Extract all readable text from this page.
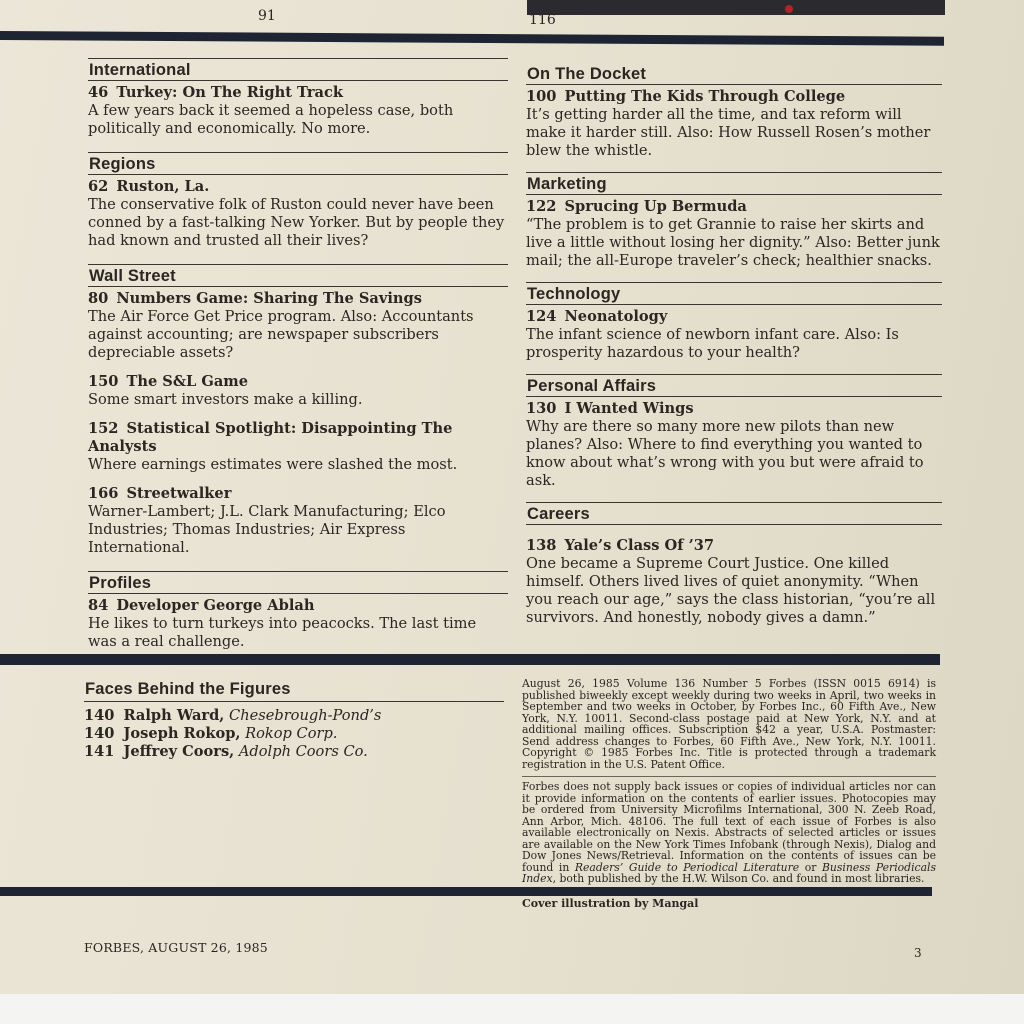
91	116
International
46 Turkey: On The Right Track
A few years back it seemed a hopeless case, both politically and economically. No more.
Regions
62 Ruston, La.
The conservative folk of Ruston could never have been conned by a fast-talking New Yorker. But by people they had known and trusted all their lives?
Wall Street
80 Numbers Game: Sharing The Savings
The Air Force Get Price program. Also: Accountants against accounting; are newspaper subscribers depreciable assets?
150 The S&L Game
Some smart investors make a killing.
152 Statistical Spotlight: Disappointing The Analysts
Where earnings estimates were slashed the most.
166 Streetwalker
Warner-Lambert; J.L. Clark Manufacturing; Elco Industries; Thomas Industries; Air Express International.
Profiles
84 Developer George Ablah
He likes to turn turkeys into peacocks. The last time was a real challenge.
On The Docket
100 Putting The Kids Through College
It’s getting harder all the time, and tax reform will make it harder still. Also: How Russell Rosen’s mother blew the whistle.
Marketing
122 Sprucing Up Bermuda
“The problem is to get Grannie to raise her skirts and live a little without losing her dignity.” Also: Better junk mail; the all-Europe traveler’s check; healthier snacks.
Technology
124 Neonatology
The infant science of newborn infant care. Also: Is prosperity hazardous to your health?
Personal Affairs
130 I Wanted Wings
Why are there so many more new pilots than new planes? Also: Where to find everything you wanted to know about what’s wrong with you but were afraid to ask.
Careers
138 Yale’s Class Of ’37
One became a Supreme Court Justice. One killed himself. Others lived lives of quiet anonymity. “When you reach our age,” says the class historian, “you’re all survivors. And honestly, nobody gives a damn.”
Faces Behind the Figures
140 Ralph Ward, Chesebrough-Pond’s
140 Joseph Rokop, Rokop Corp.
141 Jeffrey Coors, Adolph Coors Co.
August 26, 1985 Volume 136 Number 5 Forbes (ISSN 0015 6914) is published biweekly except weekly during two weeks in April, two weeks in September and two weeks in October, by Forbes Inc., 60 Fifth Ave., New York, N.Y. 10011. Second-class postage paid at New York, N.Y. and at additional mailing offices. Subscription $42 a year, U.S.A. Postmaster: Send address changes to Forbes, 60 Fifth Ave., New York, N.Y. 10011. Copyright © 1985 Forbes Inc. Title is protected through a trademark registration in the U.S. Patent Office.
Forbes does not supply back issues or copies of individual articles nor can it provide information on the contents of earlier issues. Photocopies may be ordered from University Microfilms International, 300 N. Zeeb Road, Ann Arbor, Mich. 48106. The full text of each issue of Forbes is also available electronically on Nexis. Abstracts of selected articles or issues are available on the New York Times Infobank (through Nexis), Dialog and Dow Jones News/Retrieval. Information on the contents of issues can be found in Readers’ Guide to Periodical Literature or Business Periodicals Index, both published by the H.W. Wilson Co. and found in most libraries.
Cover illustration by Mangal
FORBES, AUGUST 26, 1985	3
